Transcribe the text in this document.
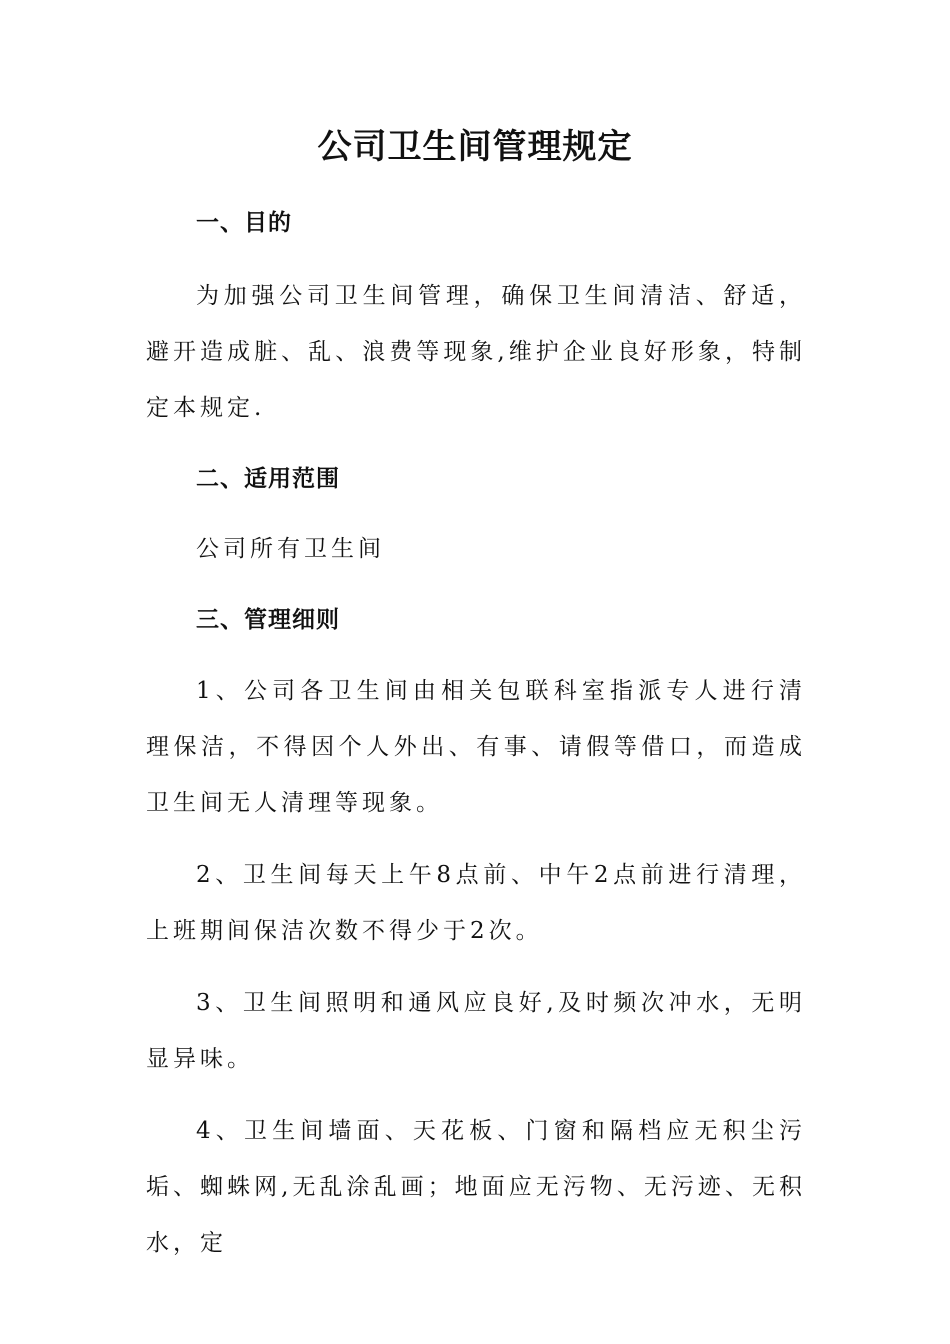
公司卫生间管理规定
一、目的

为加强公司卫生间管理，确保卫生间清洁、舒适，避开造成脏、乱、浪费等现象,维护企业良好形象，特制定本规定.

二、适用范围

公司所有卫生间

三、管理细则

1、公司各卫生间由相关包联科室指派专人进行清理保洁，不得因个人外出、有事、请假等借口，而造成卫生间无人清理等现象。

2、卫生间每天上午8点前、中午2点前进行清理，上班期间保洁次数不得少于2次。

3、卫生间照明和通风应良好,及时频次冲水，无明显异味。

4、卫生间墙面、天花板、门窗和隔档应无积尘污垢、蜘蛛网,无乱涂乱画；地面应无污物、无污迹、无积水，定
